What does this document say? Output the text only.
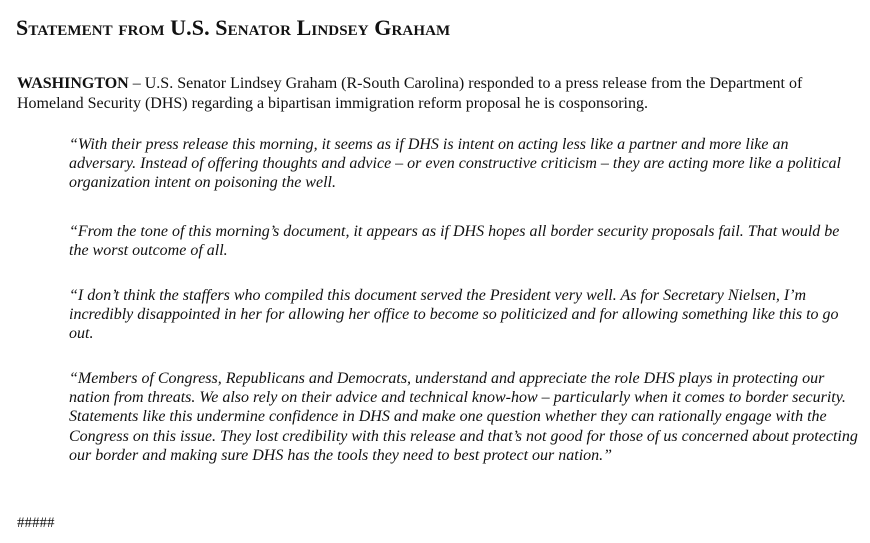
Statement from U.S. Senator Lindsey Graham

WASHINGTON – U.S. Senator Lindsey Graham (R-South Carolina) responded to a press release from the Department of Homeland Security (DHS) regarding a bipartisan immigration reform proposal he is cosponsoring.

“With their press release this morning, it seems as if DHS is intent on acting less like a partner and more like an adversary. Instead of offering thoughts and advice – or even constructive criticism – they are acting more like a political organization intent on poisoning the well.

“From the tone of this morning’s document, it appears as if DHS hopes all border security proposals fail. That would be the worst outcome of all.

“I don’t think the staffers who compiled this document served the President very well. As for Secretary Nielsen, I’m incredibly disappointed in her for allowing her office to become so politicized and for allowing something like this to go out.

“Members of Congress, Republicans and Democrats, understand and appreciate the role DHS plays in protecting our nation from threats. We also rely on their advice and technical know-how – particularly when it comes to border security. Statements like this undermine confidence in DHS and make one question whether they can rationally engage with the Congress on this issue. They lost credibility with this release and that’s not good for those of us concerned about protecting our border and making sure DHS has the tools they need to best protect our nation.”

#####
